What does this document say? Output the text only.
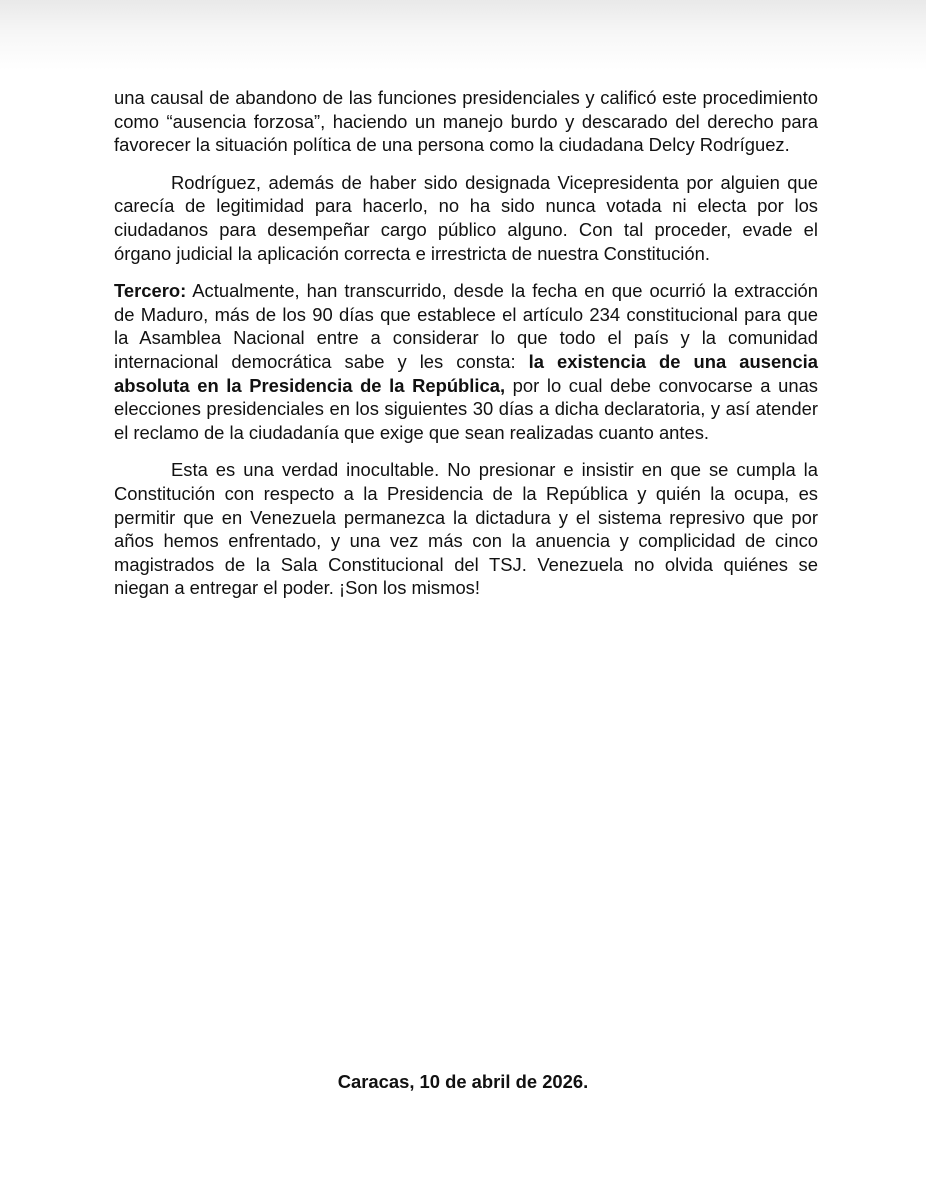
una causal de abandono de las funciones presidenciales y calificó este procedimiento como “ausencia forzosa”, haciendo un manejo burdo y descarado del derecho para favorecer la situación política de una persona como la ciudadana Delcy Rodríguez.

Rodríguez, además de haber sido designada Vicepresidenta por alguien que carecía de legitimidad para hacerlo, no ha sido nunca votada ni electa por los ciudadanos para desempeñar cargo público alguno. Con tal proceder, evade el órgano judicial la aplicación correcta e irrestricta de nuestra Constitución.

Tercero: Actualmente, han transcurrido, desde la fecha en que ocurrió la extracción de Maduro, más de los 90 días que establece el artículo 234 constitucional para que la Asamblea Nacional entre a considerar lo que todo el país y la comunidad internacional democrática sabe y les consta: la existencia de una ausencia absoluta en la Presidencia de la República, por lo cual debe convocarse a unas elecciones presidenciales en los siguientes 30 días a dicha declaratoria, y así atender el reclamo de la ciudadanía que exige que sean realizadas cuanto antes.

Esta es una verdad inocultable. No presionar e insistir en que se cumpla la Constitución con respecto a la Presidencia de la República y quién la ocupa, es permitir que en Venezuela permanezca la dictadura y el sistema represivo que por años hemos enfrentado, y una vez más con la anuencia y complicidad de cinco magistrados de la Sala Constitucional del TSJ. Venezuela no olvida quiénes se niegan a entregar el poder. ¡Son los mismos!

Caracas, 10 de abril de 2026.
